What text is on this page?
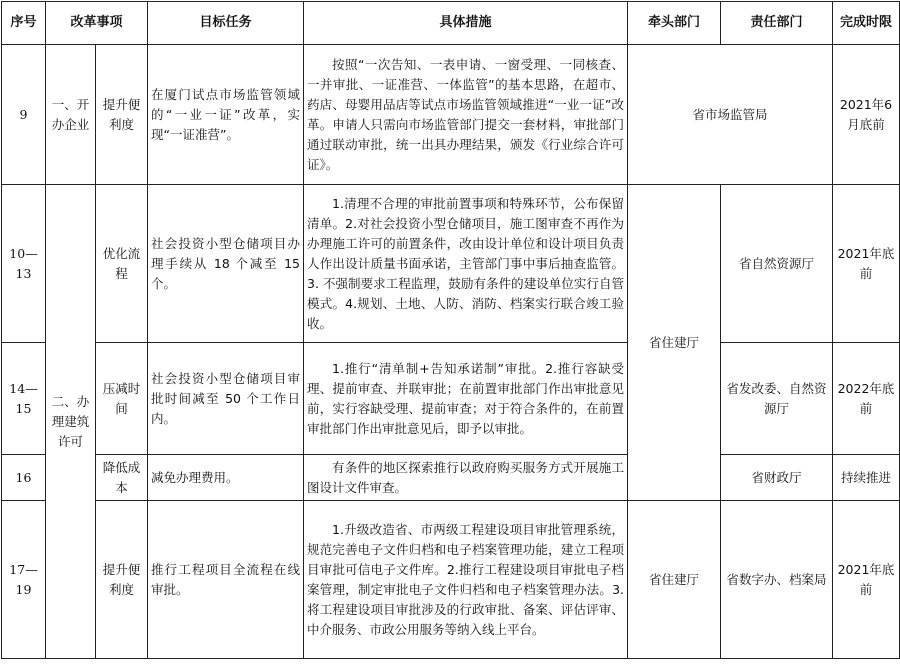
序号	改革事项		目标任务	具体措施	牵头部门	责任部门	完成时限
9	一、开办企业	提升便利度	在厦门试点市场监管领域的“一业一证”改革，实现“一证准营”。	按照“一次告知、一表申请、一窗受理、一同核查、一并审批、一证准营、一体监管”的基本思路，在超市、药店、母婴用品店等试点市场监管领域推进“一业一证”改革。申请人只需向市场监管部门提交一套材料，审批部门通过联动审批，统一出具办理结果，颁发《行业综合许可证》。	省市场监管局		2021年6月底前
10—13	二、办理建筑许可	优化流程	社会投资小型仓储项目办理手续从 18 个减至 15 个。	1.清理不合理的审批前置事项和特殊环节，公布保留清单。2.对社会投资小型仓储项目，施工图审查不再作为办理施工许可的前置条件，改由设计单位和设计项目负责人作出设计质量书面承诺，主管部门事中事后抽查监管。3. 不强制要求工程监理，鼓励有条件的建设单位实行自管模式。4.规划、土地、人防、消防、档案实行联合竣工验收。	省住建厅	省自然资源厅	2021年底前
14—15		压减时间	社会投资小型仓储项目审批时间减至 50 个工作日内。	1.推行“清单制+告知承诺制”审批。2.推行容缺受理、提前审查、并联审批；在前置审批部门作出审批意见前，实行容缺受理、提前审查；对于符合条件的，在前置审批部门作出审批意见后，即予以审批。		省发改委、自然资源厅	2022年底前
16		降低成本	减免办理费用。	有条件的地区探索推行以政府购买服务方式开展施工图设计文件审查。		省财政厅	持续推进
17—19		提升便利度	推行工程项目全流程在线审批。	1.升级改造省、市两级工程建设项目审批管理系统，规范完善电子文件归档和电子档案管理功能，建立工程项目审批可信电子文件库。2.推行工程建设项目审批电子档案管理，制定审批电子文件归档和电子档案管理办法。3.将工程建设项目审批涉及的行政审批、备案、评估评审、中介服务、市政公用服务等纳入线上平台。	省住建厅	省数字办、档案局	2021年底前
